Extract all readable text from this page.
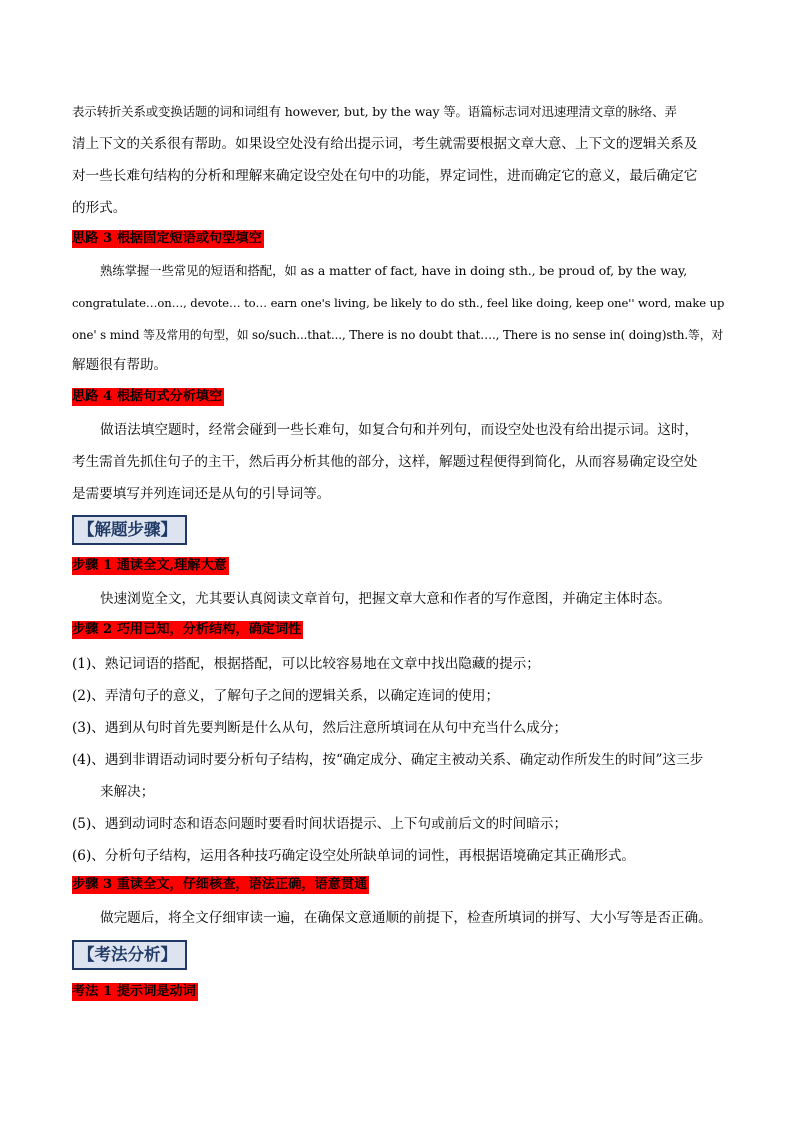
表示转折关系或变换话题的词和词组有 however, but, by the way 等。语篇标志词对迅速理清文章的脉络、弄
清上下文的关系很有帮助。如果设空处没有给出提示词，考生就需要根据文章大意、上下文的逻辑关系及
对一些长难句结构的分析和理解来确定设空处在句中的功能，界定词性，进而确定它的意义，最后确定它
的形式。
思路 3 根据固定短语或句型填空
熟练掌握一些常见的短语和搭配，如 as a matter of fact, have in doing sth., be proud of, by the way,
congratulate…on…, devote… to… earn one's living, be likely to do sth., feel like doing, keep one'' word, make up
one' s mind 等及常用的句型，如 so/such...that..., There is no doubt that…., There is no sense in( doing)sth.等，对
解题很有帮助。
思路 4 根据句式分析填空
做语法填空题时，经常会碰到一些长难句，如复合句和并列句，而设空处也没有给出提示词。这时，
考生需首先抓住句子的主干，然后再分析其他的部分，这样，解题过程便得到简化，从而容易确定设空处
是需要填写并列连词还是从句的引导词等。
【解题步骤】
步骤 1 通读全文,理解大意
快速浏览全文，尤其要认真阅读文章首句，把握文章大意和作者的写作意图，并确定主体时态。
步骤 2 巧用已知，分析结构，确定词性
(1)、熟记词语的搭配，根据搭配，可以比较容易地在文章中找出隐藏的提示；
(2)、弄清句子的意义，了解句子之间的逻辑关系，以确定连词的使用；
(3)、遇到从句时首先要判断是什么从句，然后注意所填词在从句中充当什么成分；
(4)、遇到非谓语动词时要分析句子结构，按“确定成分、确定主被动关系、确定动作所发生的时间”这三步
来解决；
(5)、遇到动词时态和语态问题时要看时间状语提示、上下句或前后文的时间暗示；
(6)、分析句子结构，运用各种技巧确定设空处所缺单词的词性，再根据语境确定其正确形式。
步骤 3 重读全文，仔细核查，语法正确，语意贯通
做完题后，将全文仔细审读一遍，在确保文意通顺的前提下，检查所填词的拼写、大小写等是否正确。
【考法分析】
考法 1 提示词是动词
